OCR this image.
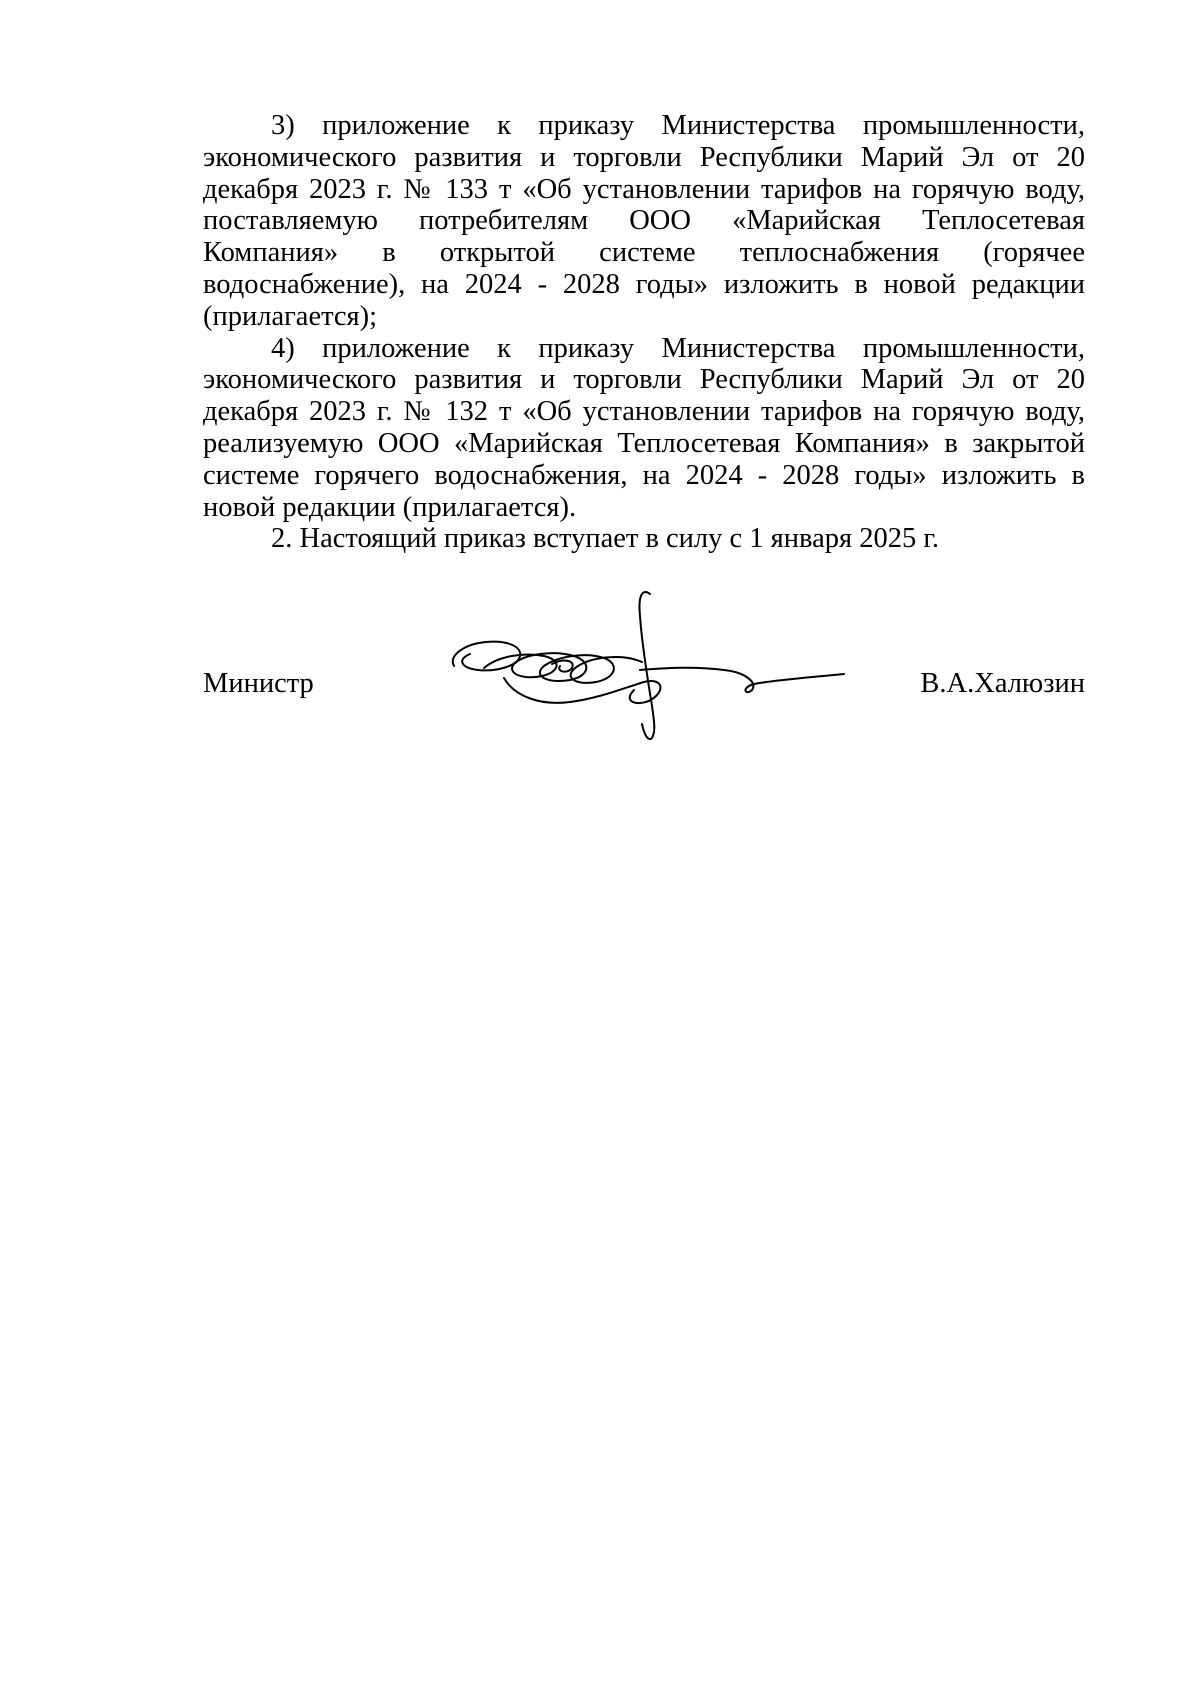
3) приложение к приказу Министерства промышленности, экономического развития и торговли Республики Марий Эл от 20 декабря 2023 г. № 133 т «Об установлении тарифов на горячую воду, поставляемую потребителям ООО «Марийская Теплосетевая Компания» в открытой системе теплоснабжения (горячее водоснабжение), на 2024 - 2028 годы» изложить в новой редакции (прилагается);

4) приложение к приказу Министерства промышленности, экономического развития и торговли Республики Марий Эл от 20 декабря 2023 г. № 132 т «Об установлении тарифов на горячую воду, реализуемую ООО «Марийская Теплосетевая Компания» в закрытой системе горячего водоснабжения, на 2024 - 2028 годы» изложить в новой редакции (прилагается).

2. Настоящий приказ вступает в силу с 1 января 2025 г.

Министр	В.А.Халюзин
